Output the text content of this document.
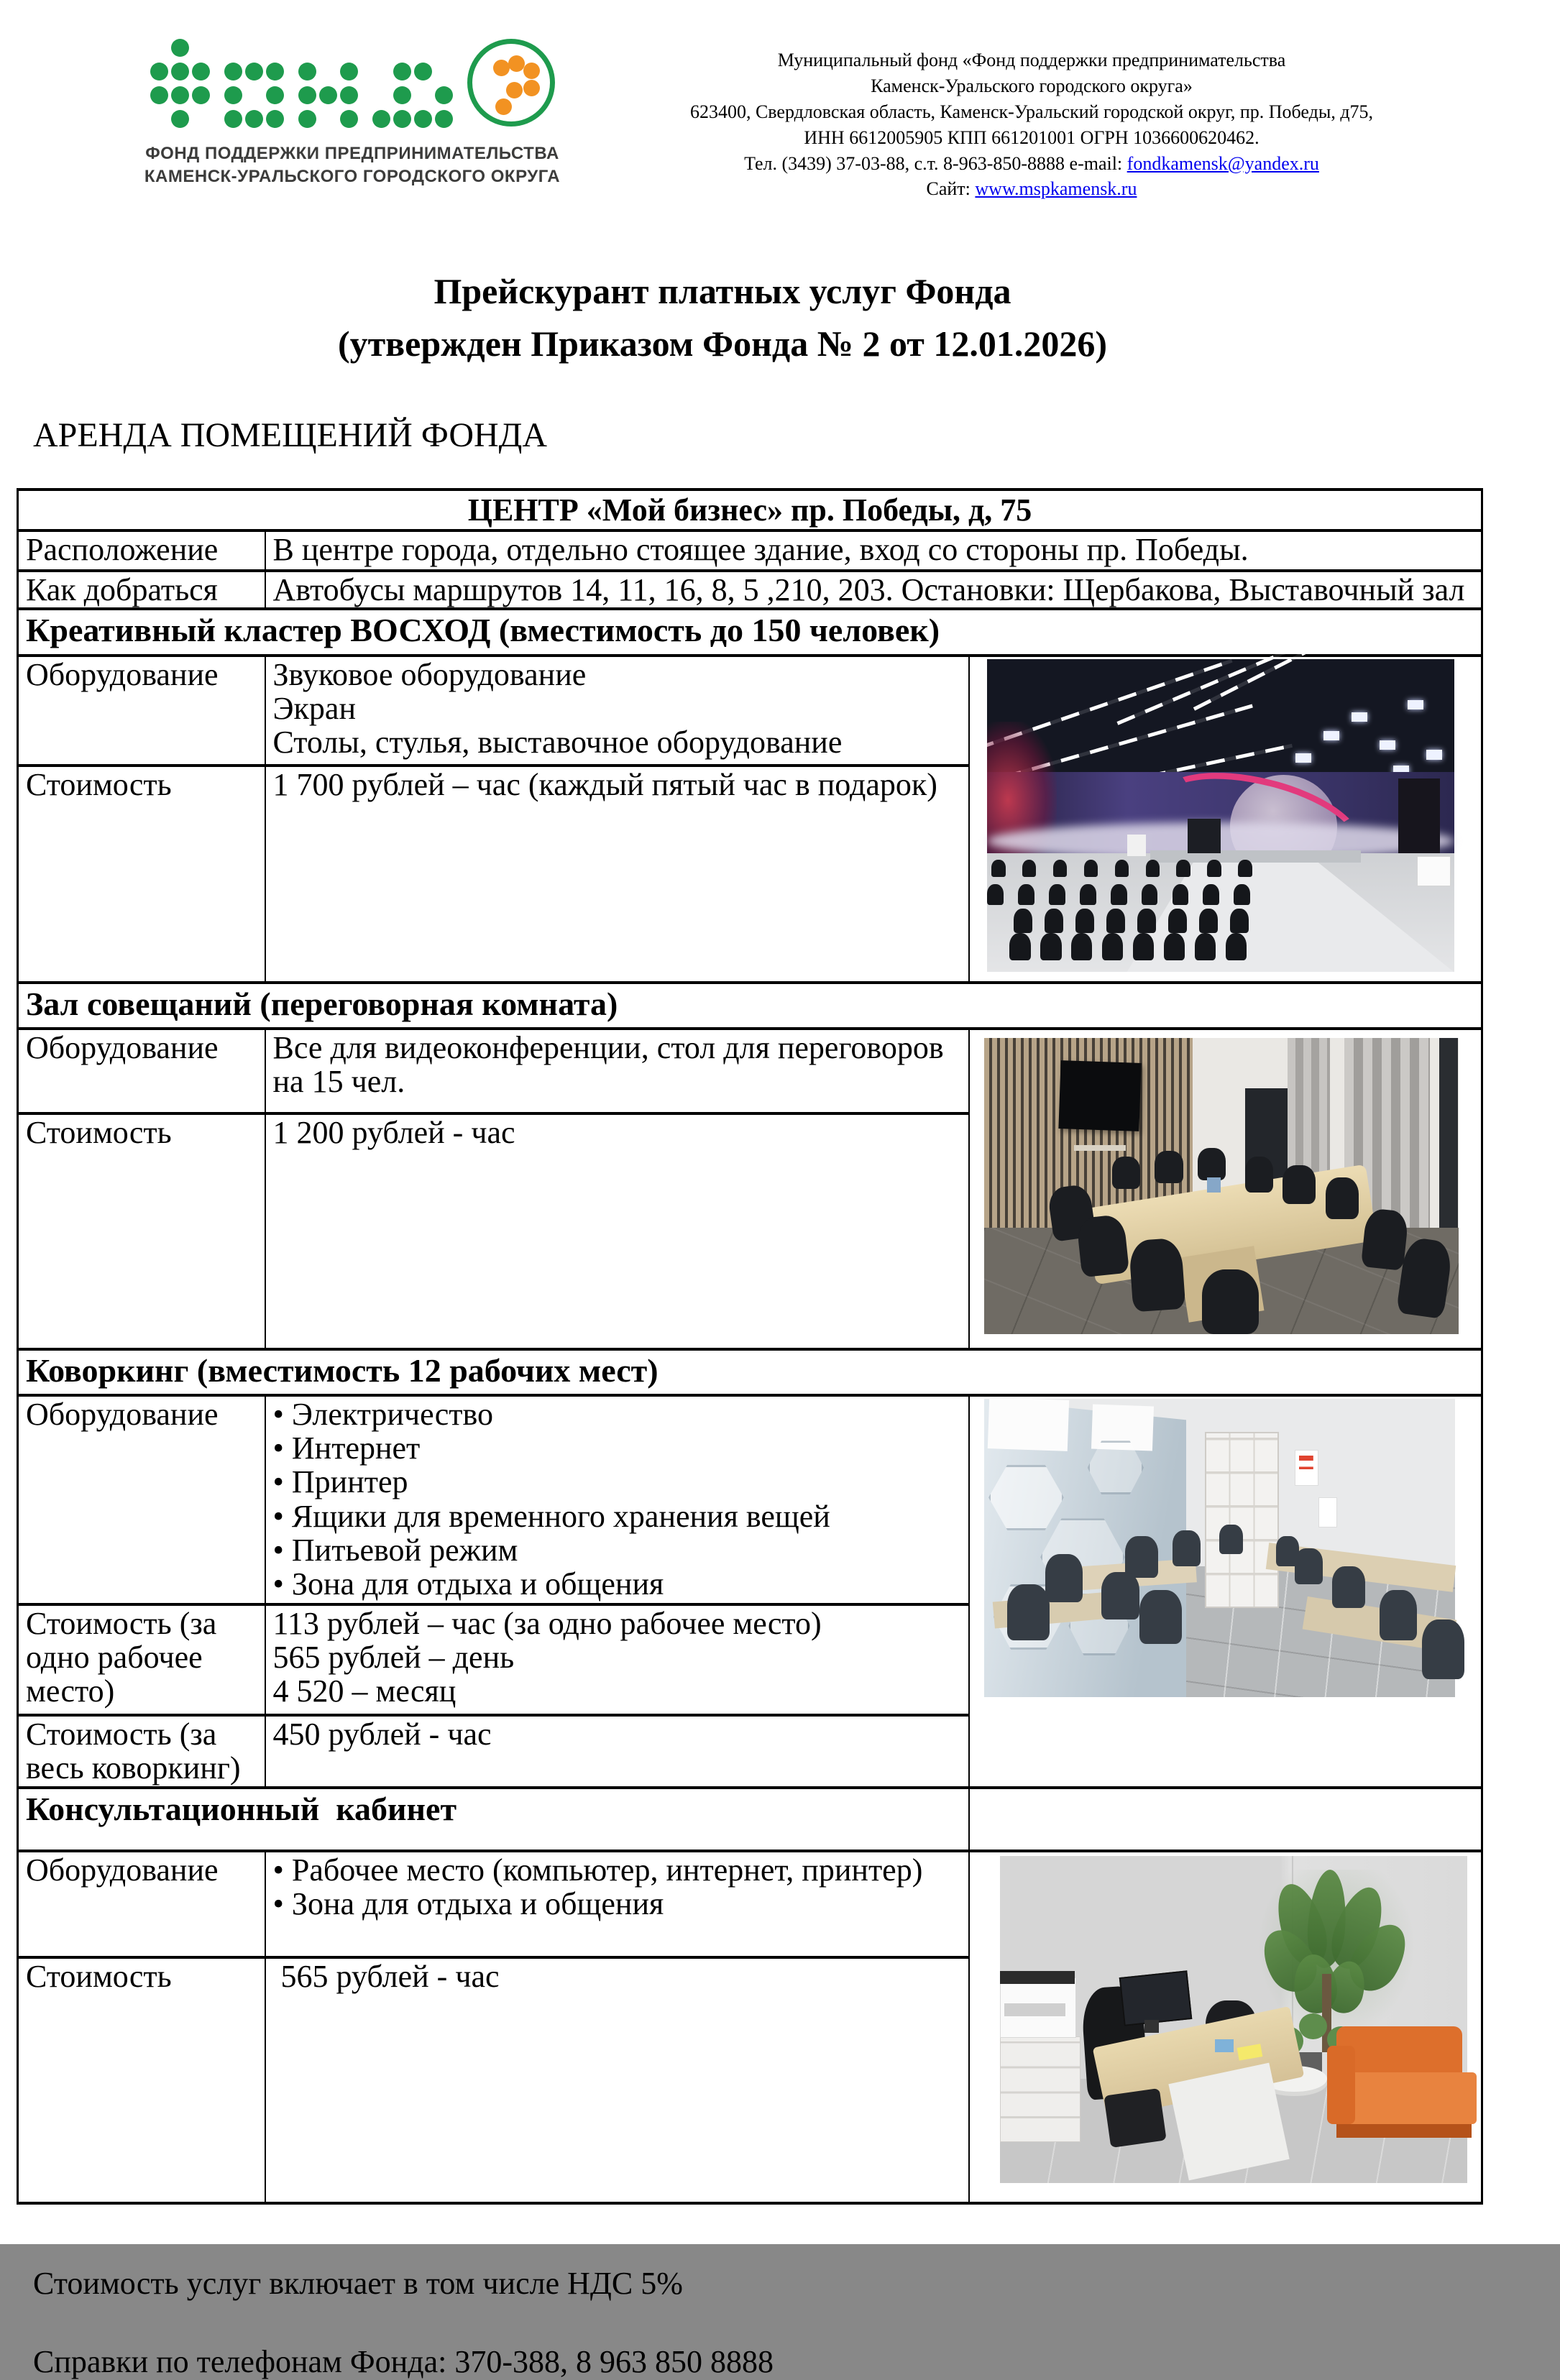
ФОНД ПОДДЕРЖКИ ПРЕДПРИНИМАТЕЛЬСТВА
КАМЕНСК-УРАЛЬСКОГО ГОРОДСКОГО ОКРУГА
Муниципальный фонд «Фонд поддержки предпринимательства
Каменск-Уральского городского округа»
623400, Свердловская область, Каменск-Уральский городской округ, пр. Победы, д75,
ИНН 6612005905 КПП 661201001 ОГРН 1036600620462.
Тел. (3439) 37-03-88, с.т. 8-963-850-8888 e-mail: fondkamensk@yandex.ru
Сайт: www.mspkamensk.ru
Прейскурант платных услуг Фонда
(утвержден Приказом Фонда № 2 от 12.01.2026)
АРЕНДА ПОМЕЩЕНИЙ ФОНДА
ЦЕНТР «Мой бизнес» пр. Победы, д, 75		
Расположение	В центре города, отдельно стоящее здание, вход со стороны пр. Победы.	
Как добраться	Автобусы маршрутов 14, 11, 16, 8, 5 ,210, 203. Остановки: Щербакова, Выставочный зал	
Креативный кластер ВОСХОД (вместимость до 150 человек)		
Оборудование	Звуковое оборудование
Экран
Столы, стулья, выставочное оборудование	

Стоимость	1 700 рублей – час (каждый пятый час в подарок)	

Зал совещаний (переговорная комната)		
Оборудование	Все для видеоконференции, стол для переговоров на 15 чел.	

Стоимость	1 200 рублей - час	

Коворкинг (вместимость 12 рабочих мест)		
Оборудование	• Электричество
• Интернет
• Принтер
• Ящики для временного хранения вещей
• Питьевой режим
• Зона для отдыха и общения

Стоимость (за одно рабочее место)	113 рублей – час (за одно рабочее место)
565 рублей – день
4 520 – месяц	

Стоимость (за весь коворкинг)	450 рублей - час	

Консультационный  кабинет		
Оборудование	• Рабочее место (компьютер, интернет, принтер)
• Зона для отдыха и общения	

Стоимость	565 рублей - час	
Стоимость услуг включает в том числе НДС 5%
Справки по телефонам Фонда: 370-388, 8 963 850 8888
